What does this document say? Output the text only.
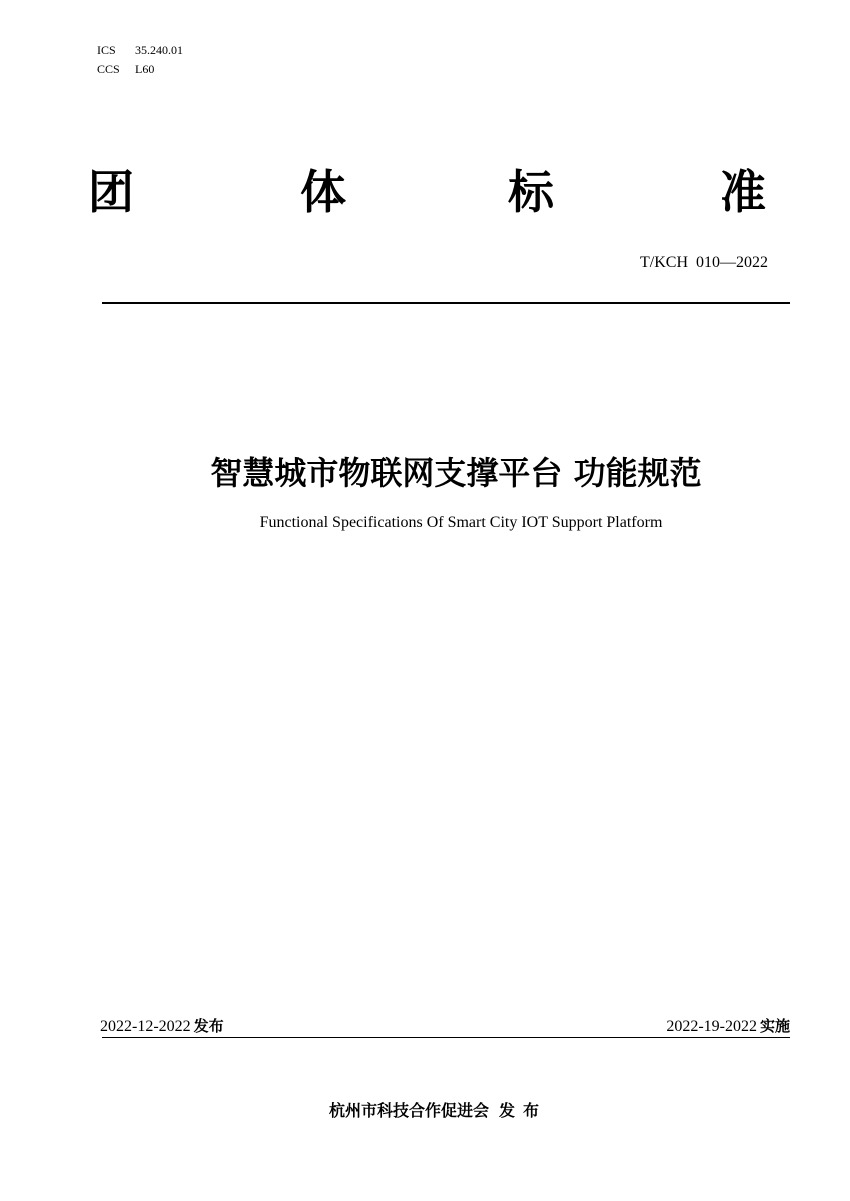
ICS 35.240.01
CCS L60
团	体	标	准
T/KCH  010—2022
智慧城市物联网支撑平台 功能规范
Functional Specifications Of Smart City IOT Support Platform
2022-12-2022 发布	2022-19-2022 实施
杭州市科技合作促进会 发 布
